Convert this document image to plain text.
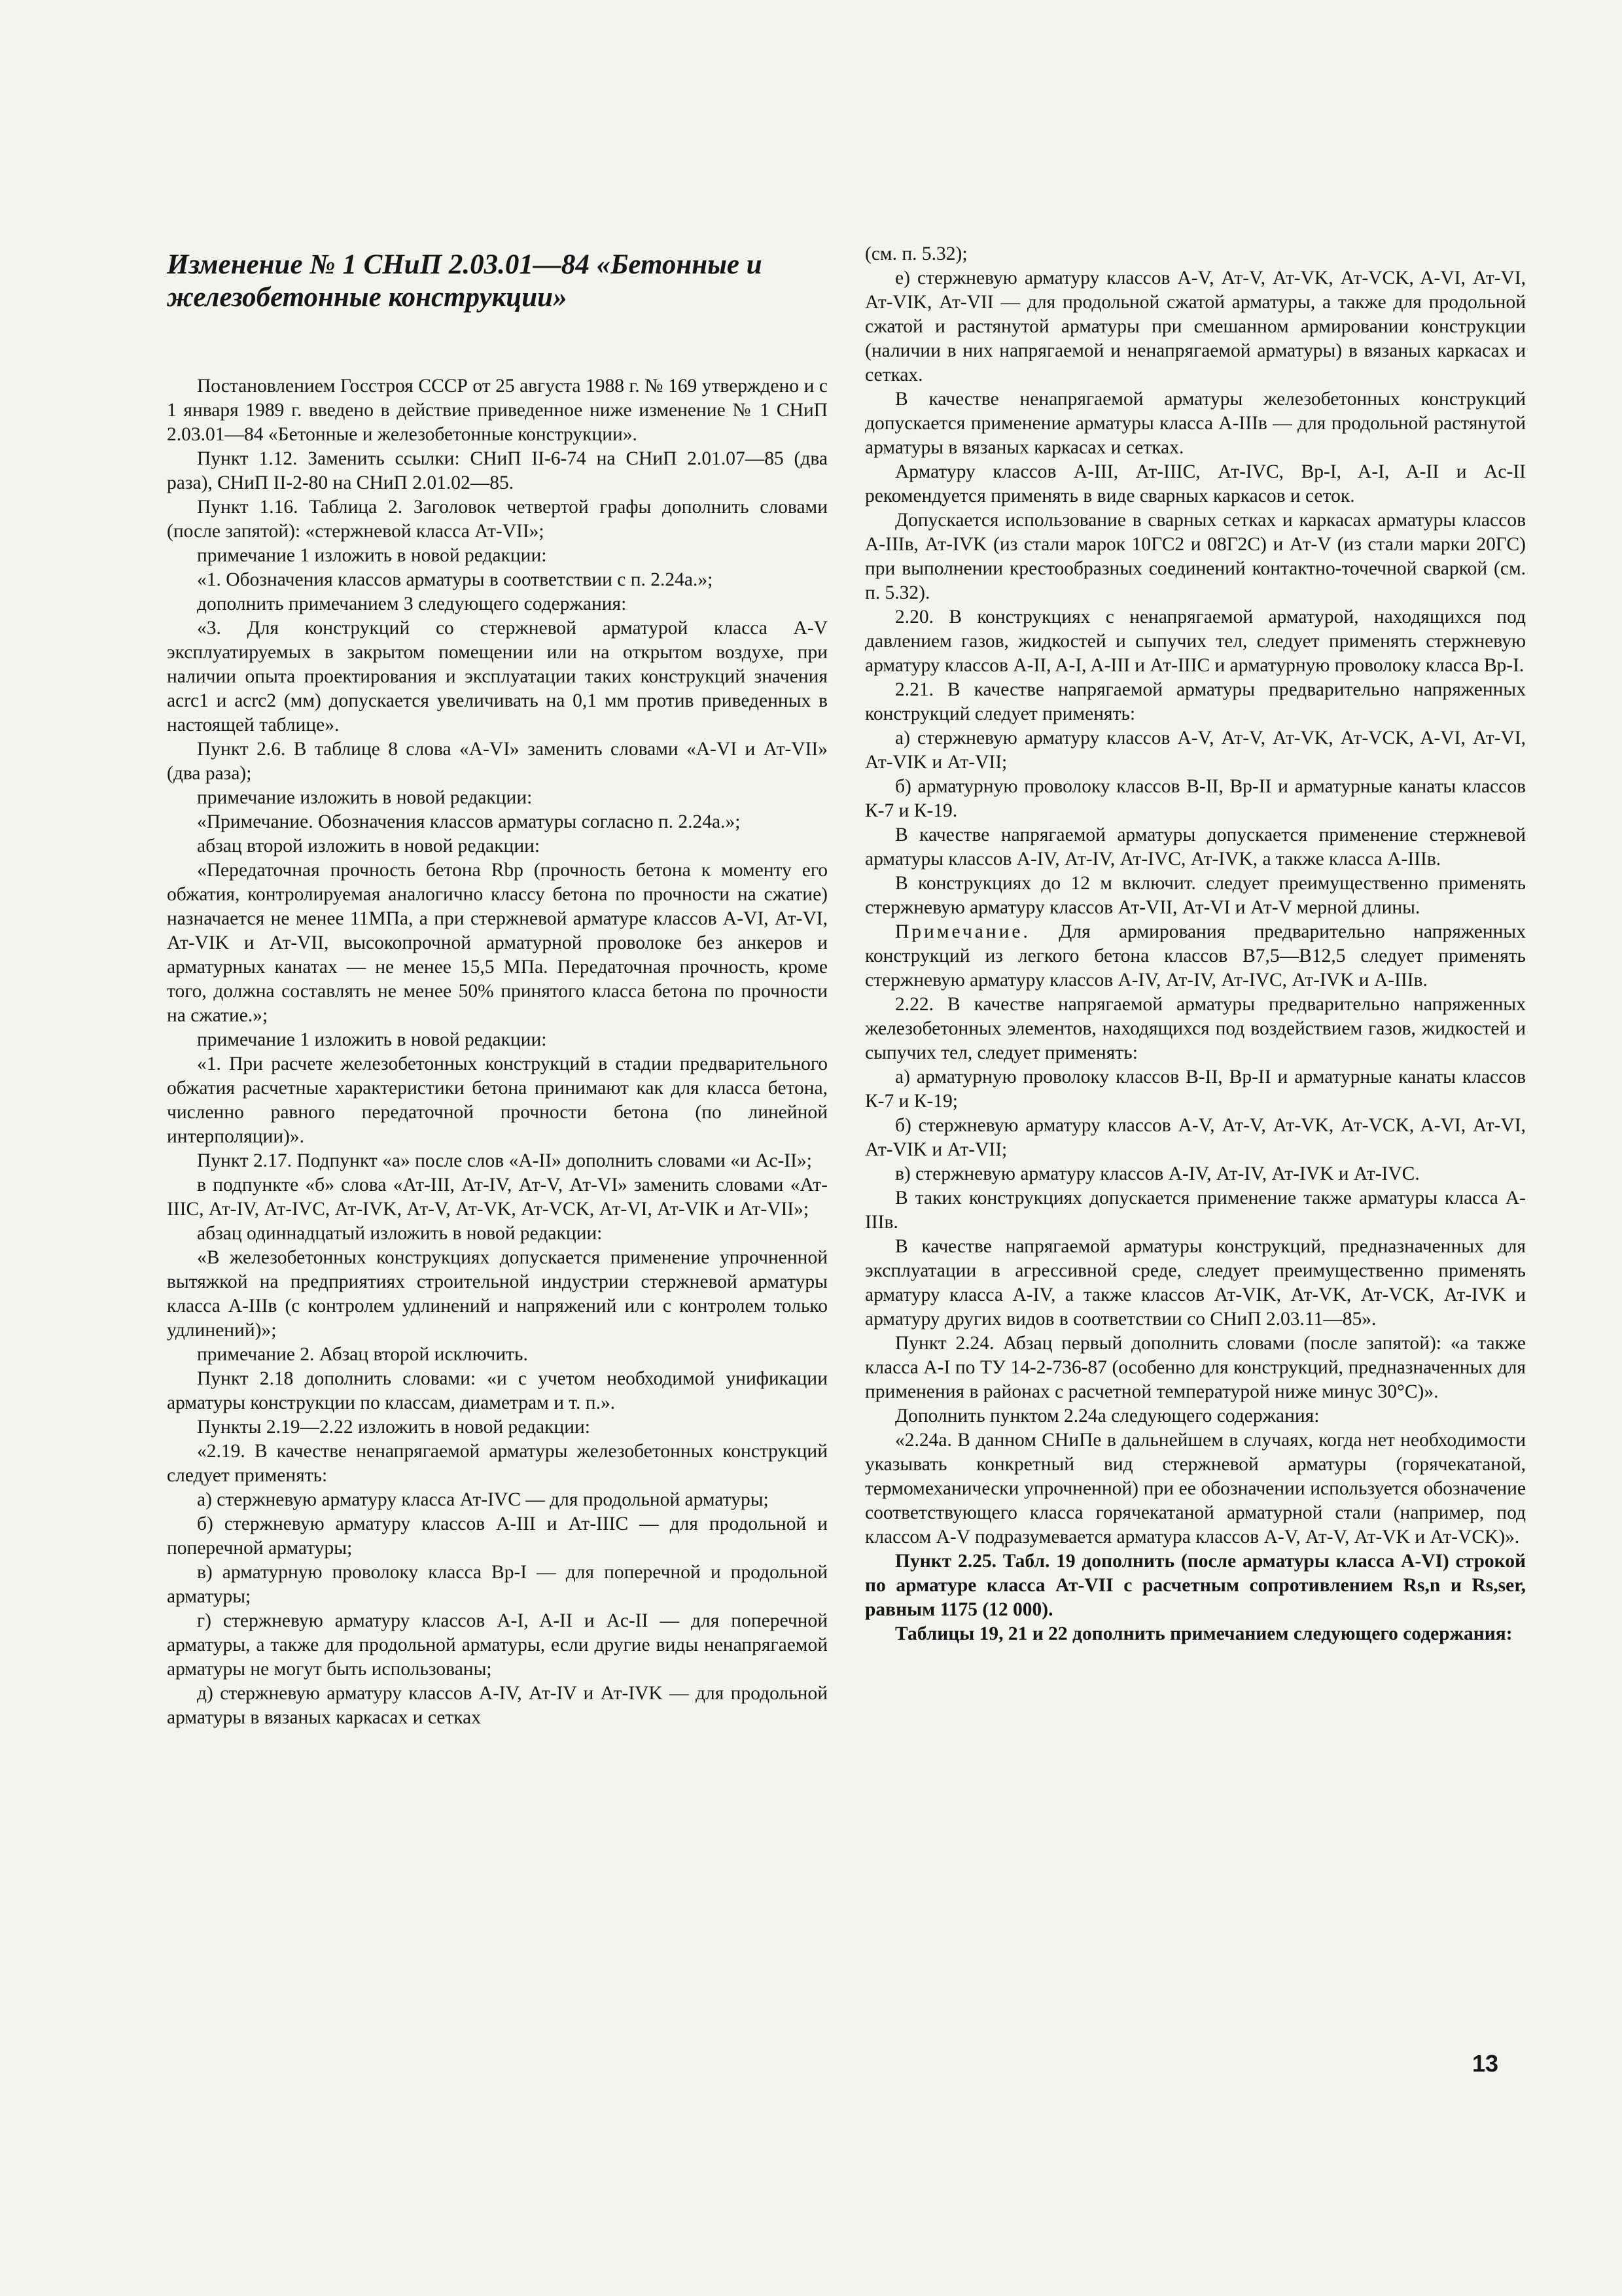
Изменение № 1 СНиП 2.03.01—84 «Бетонные и железобетонные конструкции»

Постановлением Госстроя СССР от 25 августа 1988 г. № 169 утверждено и с 1 января 1989 г. введено в действие приведенное ниже изменение № 1 СНиП 2.03.01—84 «Бетонные и железобетонные конструкции».

Пункт 1.12. Заменить ссылки: СНиП II-6-74 на СНиП 2.01.07—85 (два раза), СНиП II-2-80 на СНиП 2.01.02—85.

Пункт 1.16. Таблица 2. Заголовок четвертой графы дополнить словами (после запятой): «стержневой класса Ат-VII»;

примечание 1 изложить в новой редакции:

«1. Обозначения классов арматуры в соответствии с п. 2.24а.»;

дополнить примечанием 3 следующего содержания:

«3. Для конструкций со стержневой арматурой класса A-V эксплуатируемых в закрытом помещении или на открытом воздухе, при наличии опыта проектирования и эксплуатации таких конструкций значения acrc1 и acrc2 (мм) допускается увеличивать на 0,1 мм против приведенных в настоящей таблице».

Пункт 2.6. В таблице 8 слова «A-VI» заменить словами «A-VI и Ат-VII» (два раза);

примечание изложить в новой редакции:

«Примечание. Обозначения классов арматуры согласно п. 2.24а.»;

абзац второй изложить в новой редакции:

«Передаточная прочность бетона Rbp (прочность бетона к моменту его обжатия, контролируемая аналогично классу бетона по прочности на сжатие) назначается не менее 11МПа, а при стержневой арматуре классов A-VI, Ат-VI, Ат-VIK и Ат-VII, высокопрочной арматурной проволоке без анкеров и арматурных канатах — не менее 15,5 МПа. Передаточная прочность, кроме того, должна составлять не менее 50% принятого класса бетона по прочности на сжатие.»;

примечание 1 изложить в новой редакции:

«1. При расчете железобетонных конструкций в стадии предварительного обжатия расчетные характеристики бетона принимают как для класса бетона, численно равного передаточной прочности бетона (по линейной интерполяции)».

Пункт 2.17. Подпункт «а» после слов «A-II» дополнить словами «и Ac-II»;

в подпункте «б» слова «Ат-III, Ат-IV, Ат-V, Ат-VI» заменить словами «Ат-IIIC, Ат-IV, Ат-IVC, Ат-IVK, Ат-V, Ат-VK, Ат-VCK, Ат-VI, Ат-VIK и Ат-VII»;

абзац одиннадцатый изложить в новой редакции:

«В железобетонных конструкциях допускается применение упрочненной вытяжкой на предприятиях строительной индустрии стержневой арматуры класса A-IIIв (с контролем удлинений и напряжений или с контролем только удлинений)»;

примечание 2. Абзац второй исключить.

Пункт 2.18 дополнить словами: «и с учетом необходимой унификации арматуры конструкции по классам, диаметрам и т. п.».

Пункты 2.19—2.22 изложить в новой редакции:

«2.19. В качестве ненапрягаемой арматуры железобетонных конструкций следует применять:

а) стержневую арматуру класса Ат-IVC — для продольной арматуры;

б) стержневую арматуру классов A-III и Ат-IIIC — для продольной и поперечной арматуры;

в) арматурную проволоку класса Вр-I — для поперечной и продольной арматуры;

г) стержневую арматуру классов A-I, A-II и Ac-II — для поперечной арматуры, а также для продольной арматуры, если другие виды ненапрягаемой арматуры не могут быть использованы;

д) стержневую арматуру классов A-IV, Ат-IV и Ат-IVK — для продольной арматуры в вязаных каркасах и сетках

(см. п. 5.32);

е) стержневую арматуру классов A-V, Ат-V, Ат-VK, Ат-VCK, A-VI, Ат-VI, Ат-VIK, Ат-VII — для продольной сжатой арматуры, а также для продольной сжатой и растянутой арматуры при смешанном армировании конструкции (наличии в них напрягаемой и ненапрягаемой арматуры) в вязаных каркасах и сетках.

В качестве ненапрягаемой арматуры железобетонных конструкций допускается применение арматуры класса A-IIIв — для продольной растянутой арматуры в вязаных каркасах и сетках.

Арматуру классов A-III, Ат-IIIC, Ат-IVC, Вр-I, A-I, A-II и Ac-II рекомендуется применять в виде сварных каркасов и сеток.

Допускается использование в сварных сетках и каркасах арматуры классов A-IIIв, Ат-IVK (из стали марок 10ГС2 и 08Г2С) и Ат-V (из стали марки 20ГС) при выполнении крестообразных соединений контактно-точечной сваркой (см. п. 5.32).

2.20. В конструкциях с ненапрягаемой арматурой, находящихся под давлением газов, жидкостей и сыпучих тел, следует применять стержневую арматуру классов A-II, A-I, A-III и Ат-IIIC и арматурную проволоку класса Вр-I.

2.21. В качестве напрягаемой арматуры предварительно напряженных конструкций следует применять:

а) стержневую арматуру классов A-V, Ат-V, Ат-VK, Ат-VCK, A-VI, Ат-VI, Ат-VIK и Ат-VII;

б) арматурную проволоку классов В-II, Вр-II и арматурные канаты классов К-7 и К-19.

В качестве напрягаемой арматуры допускается применение стержневой арматуры классов A-IV, Ат-IV, Ат-IVC, Ат-IVK, а также класса A-IIIв.

В конструкциях до 12 м включит. следует преимущественно применять стержневую арматуру классов Ат-VII, Ат-VI и Ат-V мерной длины.

Примечание. Для армирования предварительно напряженных конструкций из легкого бетона классов В7,5—В12,5 следует применять стержневую арматуру классов A-IV, Ат-IV, Ат-IVC, Ат-IVK и A-IIIв.

2.22. В качестве напрягаемой арматуры предварительно напряженных железобетонных элементов, находящихся под воздействием газов, жидкостей и сыпучих тел, следует применять:

а) арматурную проволоку классов В-II, Вр-II и арматурные канаты классов К-7 и К-19;

б) стержневую арматуру классов A-V, Ат-V, Ат-VK, Ат-VCK, A-VI, Ат-VI, Ат-VIK и Ат-VII;

в) стержневую арматуру классов A-IV, Ат-IV, Ат-IVK и Ат-IVC.

В таких конструкциях допускается применение также арматуры класса A-IIIв.

В качестве напрягаемой арматуры конструкций, предназначенных для эксплуатации в агрессивной среде, следует преимущественно применять арматуру класса A-IV, а также классов Ат-VIK, Ат-VK, Ат-VCK, Ат-IVK и арматуру других видов в соответствии со СНиП 2.03.11—85».

Пункт 2.24. Абзац первый дополнить словами (после запятой): «а также класса A-I по ТУ 14-2-736-87 (особенно для конструкций, предназначенных для применения в районах с расчетной температурой ниже минус 30°С)».

Дополнить пунктом 2.24а следующего содержания:

«2.24а. В данном СНиПе в дальнейшем в случаях, когда нет необходимости указывать конкретный вид стержневой арматуры (горячекатаной, термомеханически упрочненной) при ее обозначении используется обозначение соответствующего класса горячекатаной арматурной стали (например, под классом A-V подразумевается арматура классов A-V, Ат-V, Ат-VK и Ат-VCK)».

Пункт 2.25. Табл. 19 дополнить (после арматуры класса A-VI) строкой по арматуре класса Ат-VII с расчетным сопротивлением Rs,n и Rs,ser, равным 1175 (12 000).

Таблицы 19, 21 и 22 дополнить примечанием следующего содержания:

13
